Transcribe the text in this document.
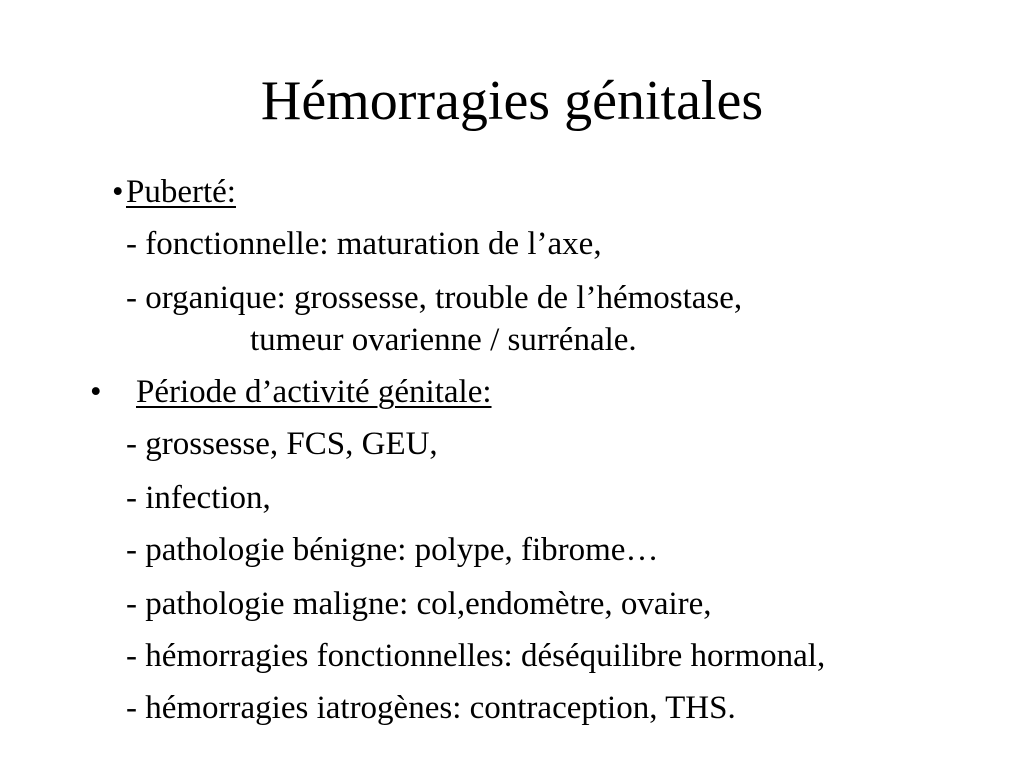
Hémorragies génitales
• Puberté:
- fonctionnelle: maturation de l’axe,
- organique: grossesse, trouble de l’hémostase,
tumeur ovarienne / surrénale.
• Période d’activité génitale:
- grossesse, FCS, GEU,
- infection,
- pathologie bénigne: polype, fibrome…
- pathologie maligne: col,endomètre, ovaire,
- hémorragies fonctionnelles: déséquilibre hormonal,
- hémorragies iatrogènes: contraception, THS.
